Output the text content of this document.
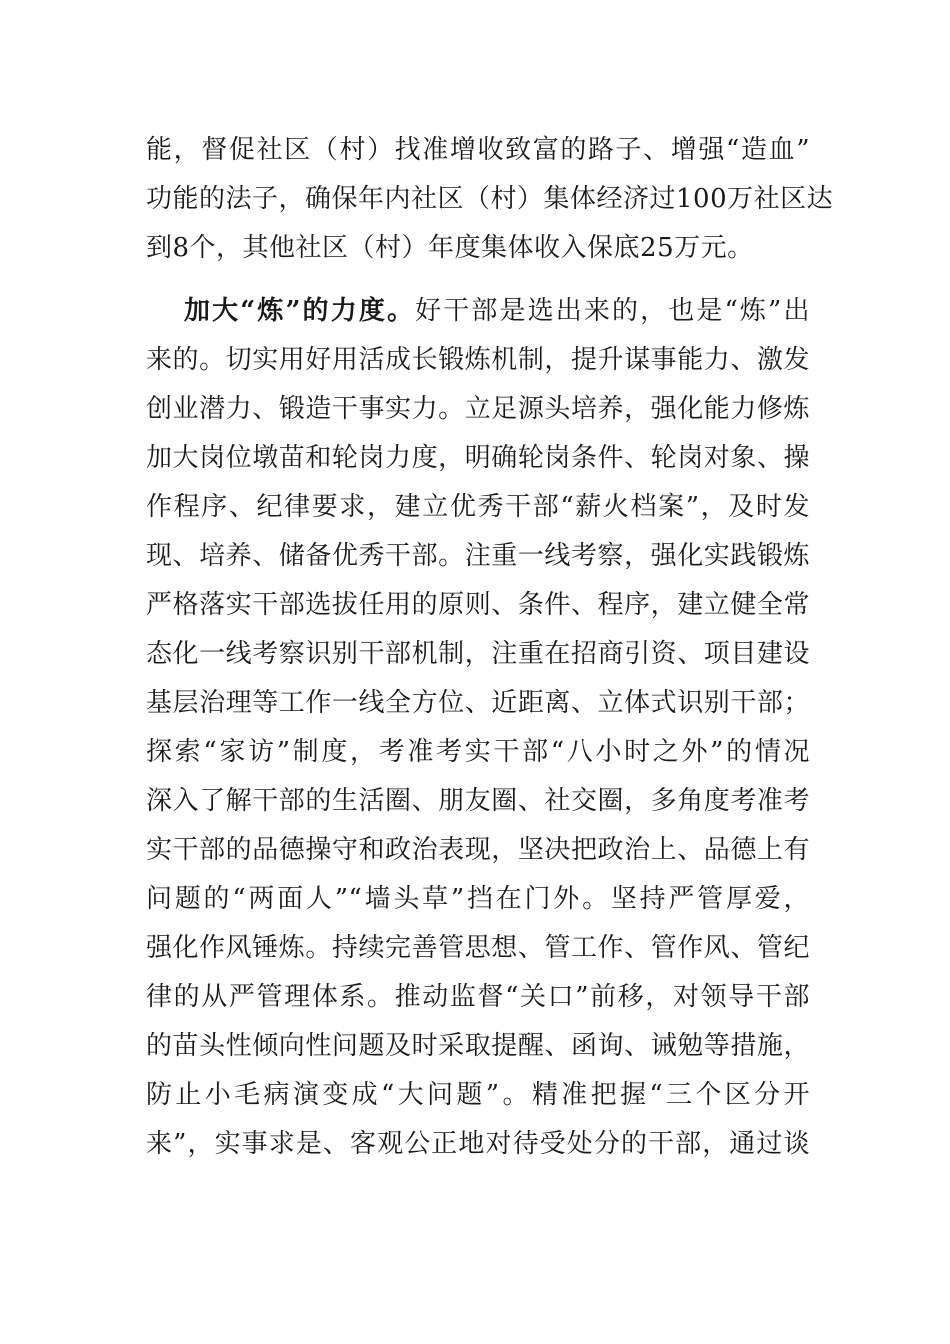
能，督促社区（村）找准增收致富的路子、增强“造血”
功能的法子，确保年内社区（村）集体经济过100万社区达
到8个，其他社区（村）年度集体收入保底25万元。
加大“炼”的力度。好干部是选出来的，也是“炼”出
来的。切实用好用活成长锻炼机制，提升谋事能力、激发
创业潜力、锻造干事实力。立足源头培养，强化能力修炼
加大岗位墩苗和轮岗力度，明确轮岗条件、轮岗对象、操
作程序、纪律要求，建立优秀干部“薪火档案”，及时发
现、培养、储备优秀干部。注重一线考察，强化实践锻炼
严格落实干部选拔任用的原则、条件、程序，建立健全常
态化一线考察识别干部机制，注重在招商引资、项目建设
基层治理等工作一线全方位、近距离、立体式识别干部；
探索“家访”制度，考准考实干部“八小时之外”的情况
深入了解干部的生活圈、朋友圈、社交圈，多角度考准考
实干部的品德操守和政治表现，坚决把政治上、品德上有
问题的“两面人”“墙头草”挡在门外。坚持严管厚爱，
强化作风锤炼。持续完善管思想、管工作、管作风、管纪
律的从严管理体系。推动监督“关口”前移，对领导干部
的苗头性倾向性问题及时采取提醒、函询、诫勉等措施，
防止小毛病演变成“大问题”。精准把握“三个区分开
来”，实事求是、客观公正地对待受处分的干部，通过谈
